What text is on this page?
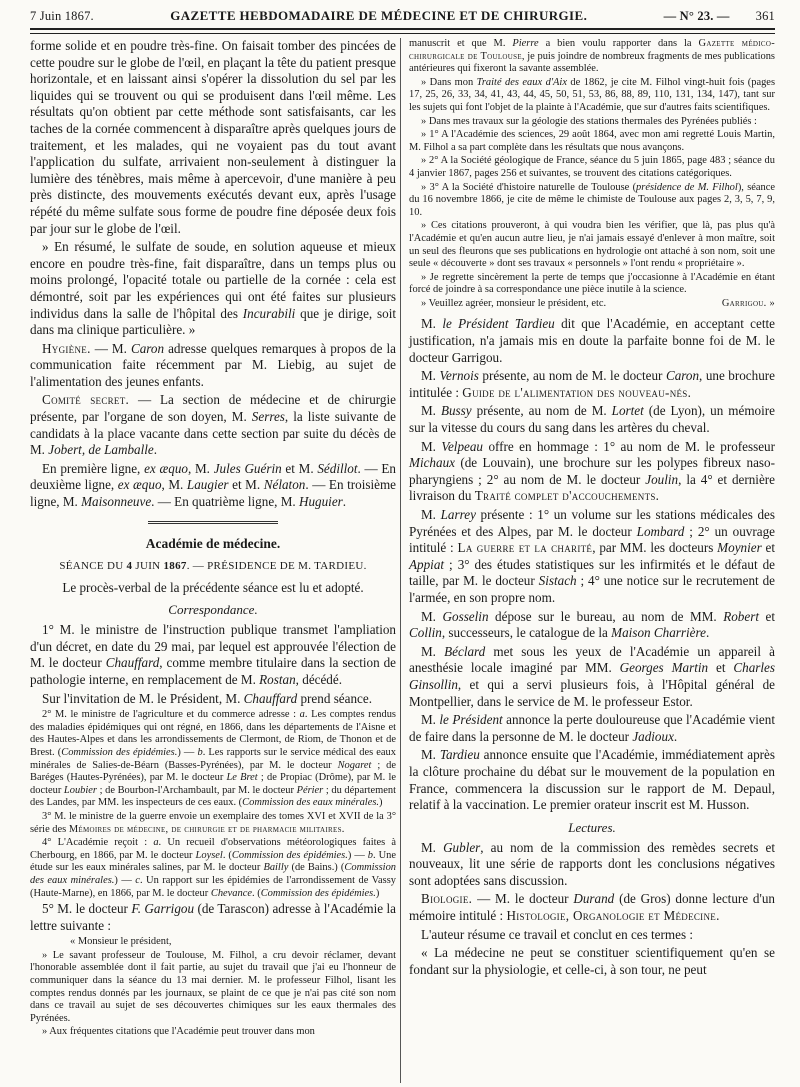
7 Juin 1867.	GAZETTE HEBDOMADAIRE DE MÉDECINE ET DE CHIRURGIE.	— N° 23. — 361

forme solide et en poudre très-fine. On faisait tomber des pincées de cette poudre sur le globe de l'œil, en plaçant la tête du patient presque horizontale, et en laissant ainsi s'opérer la dissolution du sel par les liquides qui se trouvent ou qui se produisent dans l'œil même. Les résultats qu'on obtient par cette méthode sont satisfaisants, car les taches de la cornée commencent à disparaître après quelques jours de traitement, et les malades, qui ne voyaient pas du tout avant l'application du sulfate, arrivaient non-seulement à distinguer la lumière des ténèbres, mais même à apercevoir, d'une manière à peu près distincte, des mouvements exécutés devant eux, après l'usage répété du même sulfate sous forme de poudre fine déposée deux fois par jour sur le globe de l'œil.

» En résumé, le sulfate de soude, en solution aqueuse et mieux encore en poudre très-fine, fait disparaître, dans un temps plus ou moins prolongé, l'opacité totale ou partielle de la cornée : cela est démontré, soit par les expériences qui ont été faites sur plusieurs individus dans la salle de l'hôpital des Incurabili que je dirige, soit dans ma clinique particulière. »

Hygiène. — M. Caron adresse quelques remarques à propos de la communication faite récemment par M. Liebig, au sujet de l'alimentation des jeunes enfants.

Comité secret. — La section de médecine et de chirurgie présente, par l'organe de son doyen, M. Serres, la liste suivante de candidats à la place vacante dans cette section par suite du décès de M. Jobert, de Lamballe.

En première ligne, ex æquo, M. Jules Guérin et M. Sédillot. — En deuxième ligne, ex æquo, M. Laugier et M. Nélaton. — En troisième ligne, M. Maisonneuve. — En quatrième ligne, M. Huguier.

Académie de médecine.
SÉANCE DU 4 JUIN 1867. — PRÉSIDENCE DE M. TARDIEU.

Le procès-verbal de la précédente séance est lu et adopté.

Correspondance.

1° M. le ministre de l'instruction publique transmet l'ampliation d'un décret, en date du 29 mai, par lequel est approuvée l'élection de M. le docteur Chauffard, comme membre titulaire dans la section de pathologie interne, en remplacement de M. Rostan, décédé.

Sur l'invitation de M. le Président, M. Chauffard prend séance.

2° M. le ministre de l'agriculture et du commerce adresse : a. Les comptes rendus des maladies épidémiques qui ont régné, en 1866, dans les départements de l'Aisne et des Hautes-Alpes et dans les arrondissements de Clermont, de Riom, de Thonon et de Brest. (Commission des épidémies.) — b. Les rapports sur le service médical des eaux minérales de Salies-de-Béarn (Basses-Pyrénées), par M. le docteur Nogaret ; de Baréges (Hautes-Pyrénées), par M. le docteur Le Bret ; de Propiac (Drôme), par M. le docteur Loubier ; de Bourbon-l'Archambault, par M. le docteur Périer ; du département des Landes, par MM. les inspecteurs de ces eaux. (Commission des eaux minérales.)

3° M. le ministre de la guerre envoie un exemplaire des tomes XVI et XVII de la 3° série des Mémoires de médecine, de chirurgie et de pharmacie militaires.

4° L'Académie reçoit : a. Un recueil d'observations météorologiques faites à Cherbourg, en 1866, par M. le docteur Loysel. (Commission des épidémies.) — b. Une étude sur les eaux minérales salines, par M. le docteur Bailly (de Bains.) (Commission des eaux minérales.) — c. Un rapport sur les épidémies de l'arrondissement de Vassy (Haute-Marne), en 1866, par M. le docteur Chevance. (Commission des épidémies.)

5° M. le docteur F. Garrigou (de Tarascon) adresse à l'Académie la lettre suivante :

« Monsieur le président,

» Le savant professeur de Toulouse, M. Filhol, a cru devoir réclamer, devant l'honorable assemblée dont il fait partie, au sujet du travail que j'ai eu l'honneur de communiquer dans la séance du 13 mai dernier. M. le professeur Filhol, lisant les comptes rendus donnés par les journaux, se plaint de ce que je n'ai pas cité son nom dans ce travail au sujet de ses découvertes chimiques sur les eaux thermales des Pyrénées.

» Aux fréquentes citations que l'Académie peut trouver dans mon

manuscrit et que M. Pierre a bien voulu rapporter dans la Gazette médico-chirurgicale de Toulouse, je puis joindre de nombreux fragments de mes publications antérieures qui fixeront la savante assemblée.

» Dans mon Traité des eaux d'Aix de 1862, je cite M. Filhol vingt-huit fois (pages 17, 25, 26, 33, 34, 41, 43, 44, 45, 50, 51, 53, 86, 88, 89, 110, 131, 134, 147), tant sur les sujets qui font l'objet de la plainte à l'Académie, que sur d'autres faits scientifiques.

» Dans mes travaux sur la géologie des stations thermales des Pyrénées publiés :

» 1° A l'Académie des sciences, 29 août 1864, avec mon ami regretté Louis Martin, M. Filhol a sa part complète dans les résultats que nous avançons.

» 2° A la Société géologique de France, séance du 5 juin 1865, page 483 ; séance du 4 janvier 1867, pages 256 et suivantes, se trouvent des citations catégoriques.

» 3° A la Société d'histoire naturelle de Toulouse (présidence de M. Filhol), séance du 16 novembre 1866, je cite de même le chimiste de Toulouse aux pages 2, 3, 5, 7, 9, 10.

» Ces citations prouveront, à qui voudra bien les vérifier, que là, pas plus qu'à l'Académie et qu'en aucun autre lieu, je n'ai jamais essayé d'enlever à mon maître, soit un seul des fleurons que ses publications en hydrologie ont attaché à son nom, soit une seule « découverte » dont ses travaux « personnels » l'ont rendu « propriétaire ».

» Je regrette sincèrement la perte de temps que j'occasionne à l'Académie en étant forcé de joindre à sa correspondance une pièce inutile à la science.

» Veuillez agréer, monsieur le président, etc.	Garrigou. »

M. le Président Tardieu dit que l'Académie, en acceptant cette justification, n'a jamais mis en doute la parfaite bonne foi de M. le docteur Garrigou.

M. Vernois présente, au nom de M. le docteur Caron, une brochure intitulée : Guide de l'alimentation des nouveau-nés.

M. Bussy présente, au nom de M. Lortet (de Lyon), un mémoire sur la vitesse du cours du sang dans les artères du cheval.

M. Velpeau offre en hommage : 1° au nom de M. le professeur Michaux (de Louvain), une brochure sur les polypes fibreux naso-pharyngiens ; 2° au nom de M. le docteur Joulin, la 4° et dernière livraison du Traité complet d'accouchements.

M. Larrey présente : 1° un volume sur les stations médicales des Pyrénées et des Alpes, par M. le docteur Lombard ; 2° un ouvrage intitulé : La guerre et la charité, par MM. les docteurs Moynier et Appiat ; 3° des études statistiques sur les infirmités et le défaut de taille, par M. le docteur Sistach ; 4° une notice sur le recrutement de l'armée, en son propre nom.

M. Gosselin dépose sur le bureau, au nom de MM. Robert et Collin, successeurs, le catalogue de la Maison Charrière.

M. Béclard met sous les yeux de l'Académie un appareil à anesthésie locale imaginé par MM. Georges Martin et Charles Ginsollin, et qui a servi plusieurs fois, à l'Hôpital général de Montpellier, dans le service de M. le professeur Estor.

M. le Président annonce la perte douloureuse que l'Académie vient de faire dans la personne de M. le docteur Jadioux.

M. Tardieu annonce ensuite que l'Académie, immédiatement après la clôture prochaine du débat sur le mouvement de la population en France, commencera la discussion sur le rapport de M. Depaul, relatif à la vaccination. Le premier orateur inscrit est M. Husson.

Lectures.

M. Gubler, au nom de la commission des remèdes secrets et nouveaux, lit une série de rapports dont les conclusions négatives sont adoptées sans discussion.

Biologie. — M. le docteur Durand (de Gros) donne lecture d'un mémoire intitulé : Histologie, Organologie et Médecine.

L'auteur résume ce travail et conclut en ces termes :

« La médecine ne peut se constituer scientifiquement qu'en se fondant sur la physiologie, et celle-ci, à son tour, ne peut
